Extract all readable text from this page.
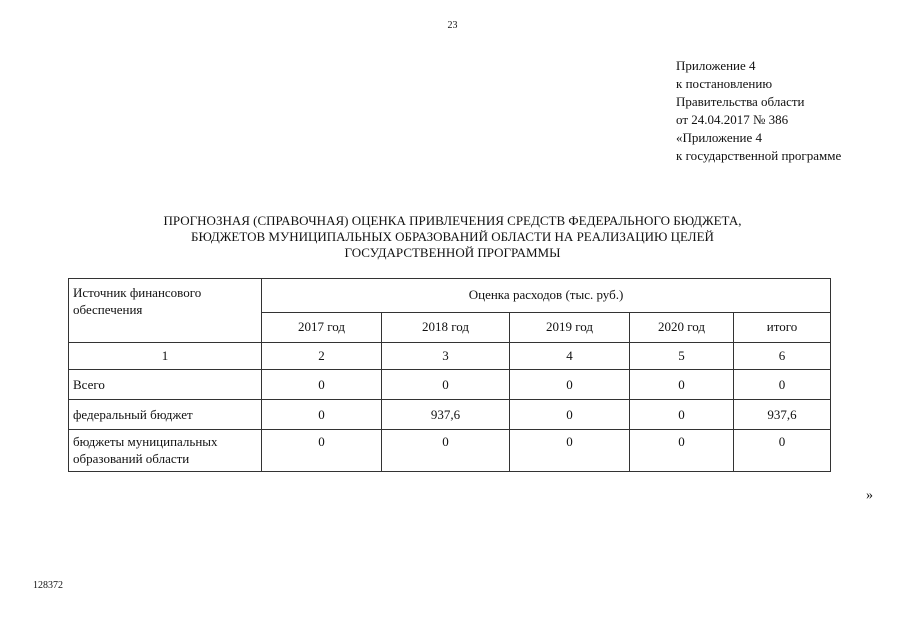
23
Приложение 4
к постановлению
Правительства области
от 24.04.2017 № 386
«Приложение 4
к государственной программе
ПРОГНОЗНАЯ (СПРАВОЧНАЯ) ОЦЕНКА ПРИВЛЕЧЕНИЯ СРЕДСТВ ФЕДЕРАЛЬНОГО БЮДЖЕТА,
БЮДЖЕТОВ МУНИЦИПАЛЬНЫХ ОБРАЗОВАНИЙ ОБЛАСТИ НА РЕАЛИЗАЦИЮ ЦЕЛЕЙ
ГОСУДАРСТВЕННОЙ ПРОГРАММЫ
Источник финансового обеспечения	Оценка расходов (тыс. руб.)				
	2017 год	2018 год	2019 год	2020 год	итого
1	2	3	4	5	6
Всего	0	0	0	0	0
федеральный бюджет	0	937,6	0	0	937,6
бюджеты муниципальных образований области	0	0	0	0	0
»
128372
